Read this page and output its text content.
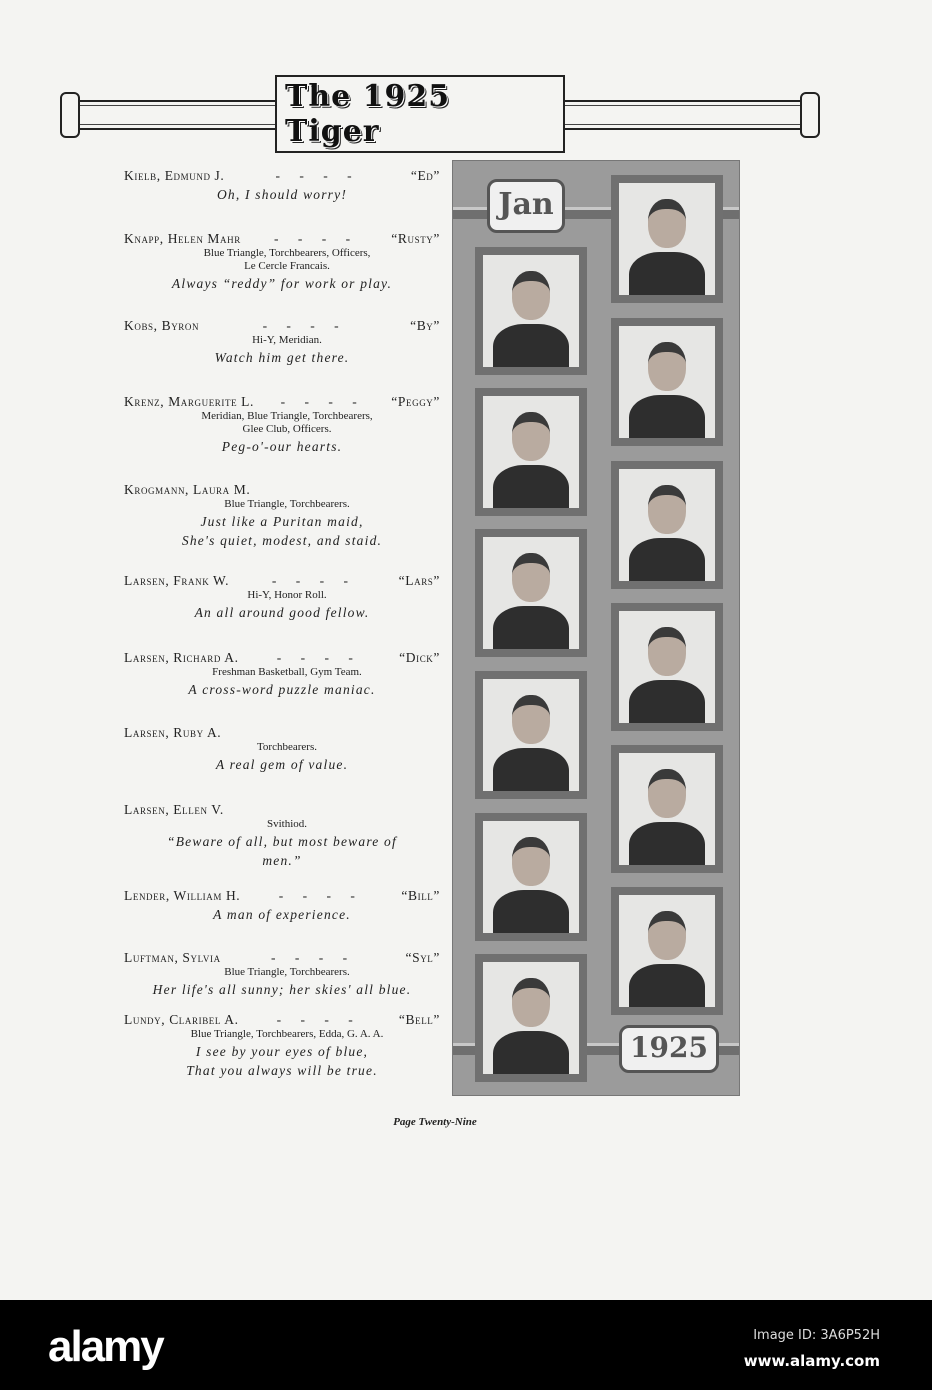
The 1925 Tiger
Kielb, Edmund J.	- - - -	“Ed”
Oh, I should worry!
Knapp, Helen Mahr	- - - -	“Rusty”
Blue Triangle, Torchbearers, Officers,
Le Cercle Francais.
Always “reddy” for work or play.
Kobs, Byron	- - - -	“By”
Hi-Y, Meridian.
Watch him get there.
Krenz, Marguerite L.	- - - -	“Peggy”
Meridian, Blue Triangle, Torchbearers,
Glee Club, Officers.
Peg-o'-our hearts.
Krogmann, Laura M.
Blue Triangle, Torchbearers.
Just like a Puritan maid,
She's quiet, modest, and staid.
Larsen, Frank W.	- - - -	“Lars”
Hi-Y, Honor Roll.
An all around good fellow.
Larsen, Richard A.	- - - -	“Dick”
Freshman Basketball, Gym Team.
A cross-word puzzle maniac.
Larsen, Ruby A.
Torchbearers.
A real gem of value.
Larsen, Ellen V.
Svithiod.
“Beware of all, but most beware of
men.”
Lender, William H.	- - - -	“Bill”
A man of experience.
Luftman, Sylvia	- - - -	“Syl”
Blue Triangle, Torchbearers.
Her life's all sunny; her skies' all blue.
Lundy, Claribel A.	- - - -	“Bell”
Blue Triangle, Torchbearers, Edda, G. A. A.
I see by your eyes of blue,
That you always will be true.
Jan
1925
Page Twenty-Nine
alamy	Image ID: 3A6P52H
www.alamy.com
